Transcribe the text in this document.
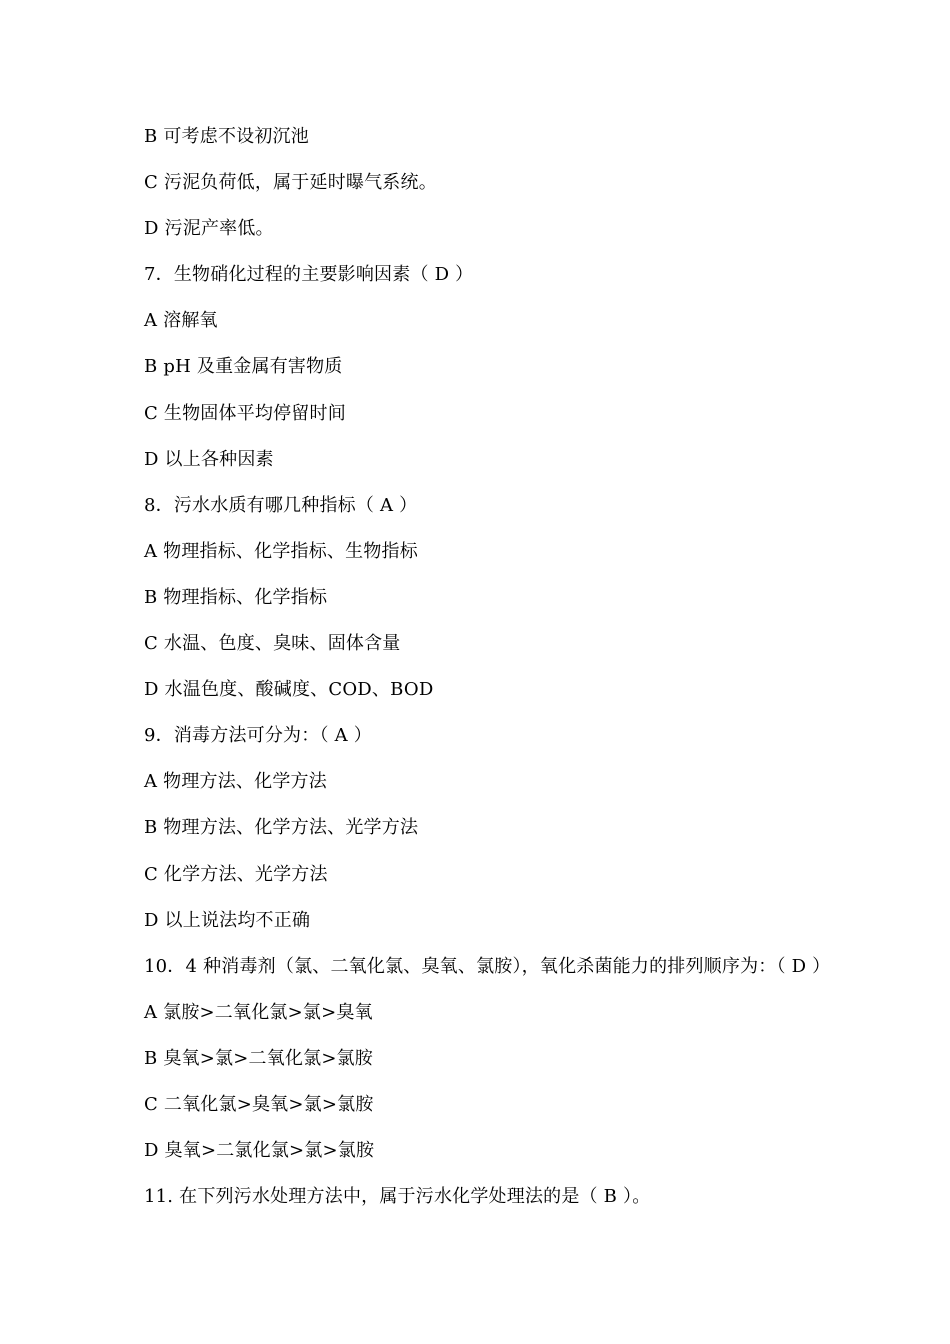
B 可考虑不设初沉池
C 污泥负荷低，属于延时曝气系统。
D 污泥产率低。
7．生物硝化过程的主要影响因素（ D ）
A 溶解氧
B pH 及重金属有害物质
C 生物固体平均停留时间
D 以上各种因素
8．污水水质有哪几种指标（ A ）
A 物理指标、化学指标、生物指标
B 物理指标、化学指标
C 水温、色度、臭味、固体含量
D 水温色度、酸碱度、COD、BOD
9．消毒方法可分为：（ A ）
A 物理方法、化学方法
B 物理方法、化学方法、光学方法
C 化学方法、光学方法
D 以上说法均不正确
10．4 种消毒剂（氯、二氧化氯、臭氧、氯胺），氧化杀菌能力的排列顺序为：（ D ）
A 氯胺>二氧化氯>氯>臭氧
B 臭氧>氯>二氧化氯>氯胺
C 二氧化氯>臭氧>氯>氯胺
D 臭氧>二氯化氯>氯>氯胺
11. 在下列污水处理方法中，属于污水化学处理法的是（ B ）。
